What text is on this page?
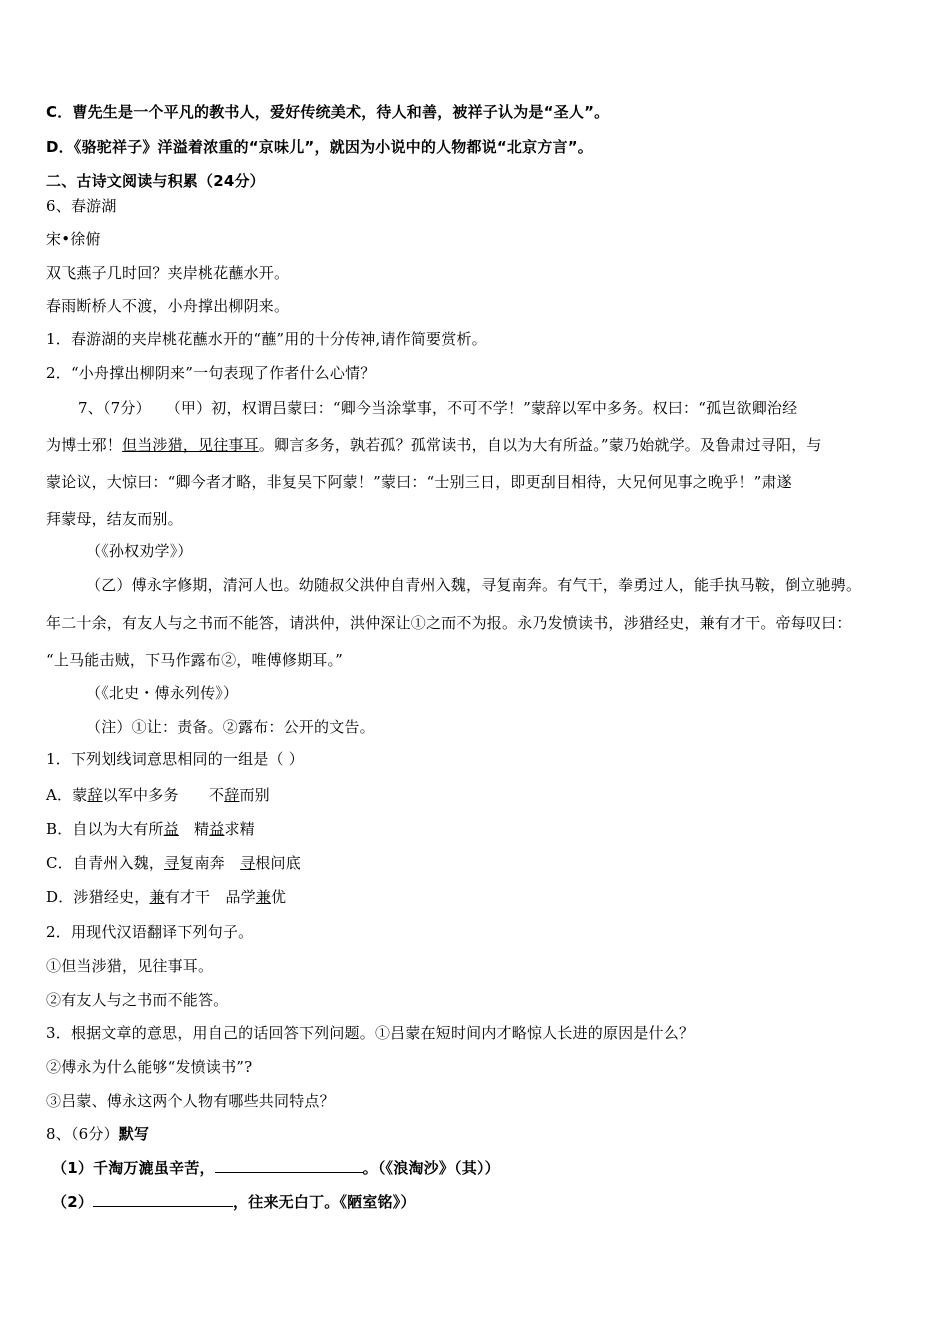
C．曹先生是一个平凡的教书人，爱好传统美术，待人和善，被祥子认为是“圣人”。
D．《骆驼祥子》洋溢着浓重的“京味儿”，就因为小说中的人物都说“北京方言”。
二、古诗文阅读与积累（24分）
6、春游湖
宋•徐俯
双飞燕子几时回？夹岸桃花蘸水开。
春雨断桥人不渡，小舟撑出柳阴来。
1．春游湖的夹岸桃花蘸水开的“蘸”用的十分传神,请作简要赏析。
2．“小舟撑出柳阴来”一句表现了作者什么心情？
7、（7分） （甲）初，权谓吕蒙曰：“卿今当涂掌事，不可不学！”蒙辞以军中多务。权曰：“孤岂欲卿治经
为博士邪！但当涉猎，见往事耳。卿言多务，孰若孤？孤常读书，自以为大有所益。”蒙乃始就学。及鲁肃过寻阳，与
蒙论议，大惊曰：“卿今者才略，非复吴下阿蒙！”蒙曰：“士别三日，即更刮目相待，大兄何见事之晚乎！”肃遂
拜蒙母，结友而别。
（《孙权劝学》）
（乙）傅永字修期，清河人也。幼随叔父洪仲自青州入魏，寻复南奔。有气干，拳勇过人，能手执马鞍，倒立驰骋。
年二十余，有友人与之书而不能答，请洪仲，洪仲深让①之而不为报。永乃发愤读书，涉猎经史，兼有才干。帝每叹曰：
“上马能击贼，下马作露布②，唯傅修期耳。”
（《北史・傅永列传》）
（注）①让：责备。②露布：公开的文告。
1．下列划线词意思相同的一组是（ ）
A．蒙辞以军中多务　　不辞而别
B．自以为大有所益　精益求精
C．自青州入魏，寻复南奔　寻根问底
D．涉猎经史，兼有才干　品学兼优
2．用现代汉语翻译下列句子。
①但当涉猎，见往事耳。
②有友人与之书而不能答。
3．根据文章的意思，用自己的话回答下列问题。①吕蒙在短时间内才略惊人长进的原因是什么？
②傅永为什么能够“发愤读书”?
③吕蒙、傅永这两个人物有哪些共同特点？
8、（6分）默写
（1）千淘万漉虽辛苦，	。（《浪淘沙》（其））
（2）	，往来无白丁。《陋室铭》）
